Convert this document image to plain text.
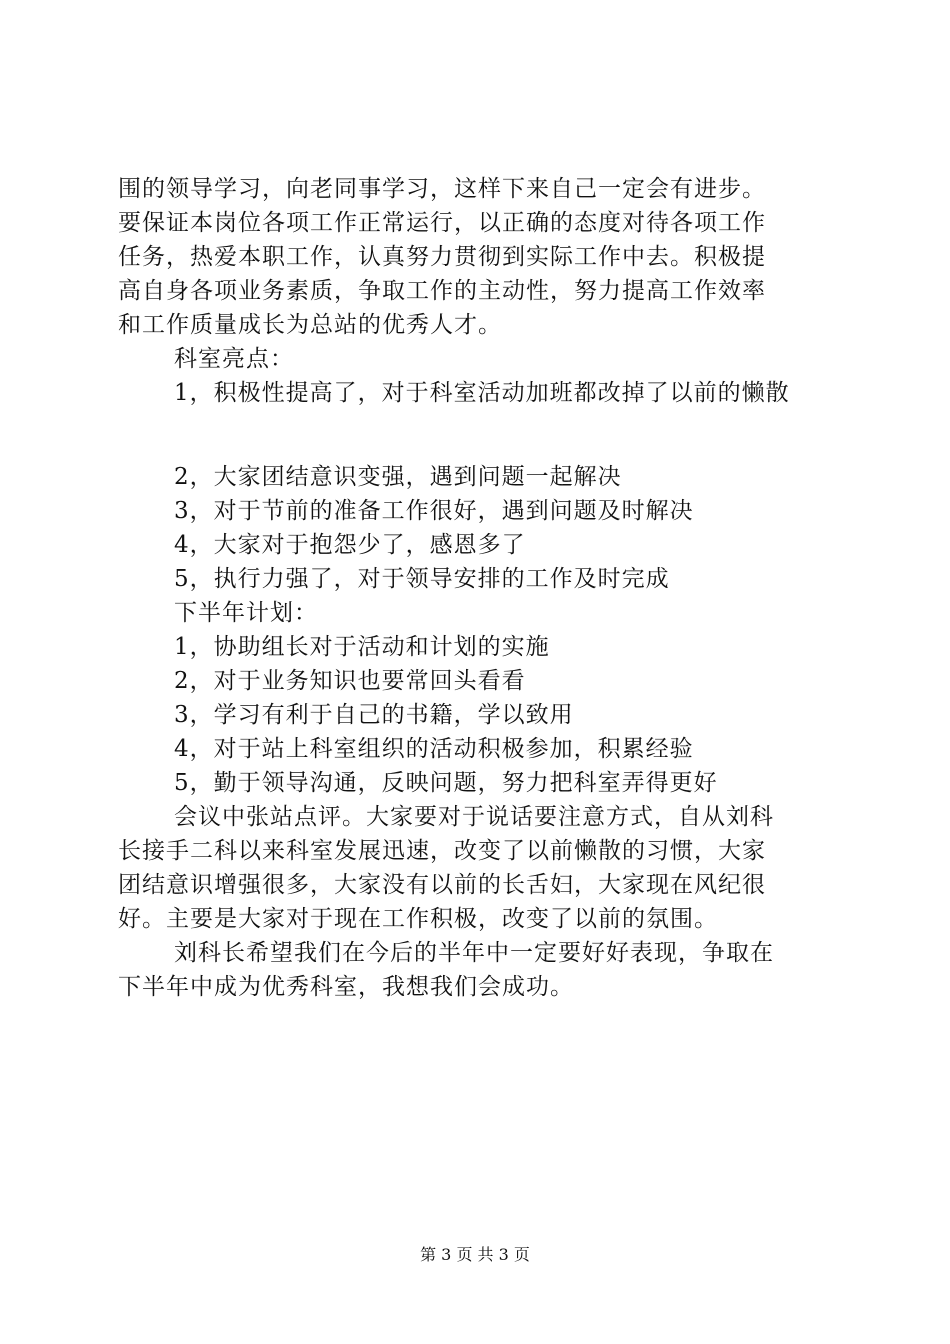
围的领导学习，向老同事学习，这样下来自己一定会有进步。
要保证本岗位各项工作正常运行，以正确的态度对待各项工作
任务，热爱本职工作，认真努力贯彻到实际工作中去。积极提
高自身各项业务素质，争取工作的主动性，努力提高工作效率
和工作质量成长为总站的优秀人才。
科室亮点：
1，积极性提高了，对于科室活动加班都改掉了以前的懒散
2，大家团结意识变强，遇到问题一起解决
3，对于节前的准备工作很好，遇到问题及时解决
4，大家对于抱怨少了，感恩多了
5，执行力强了，对于领导安排的工作及时完成
下半年计划：
1，协助组长对于活动和计划的实施
2，对于业务知识也要常回头看看
3，学习有利于自己的书籍，学以致用
4，对于站上科室组织的活动积极参加，积累经验
5，勤于领导沟通，反映问题，努力把科室弄得更好
会议中张站点评。大家要对于说话要注意方式，自从刘科
长接手二科以来科室发展迅速，改变了以前懒散的习惯，大家
团结意识增强很多，大家没有以前的长舌妇，大家现在风纪很
好。主要是大家对于现在工作积极，改变了以前的氛围。
刘科长希望我们在今后的半年中一定要好好表现，争取在
下半年中成为优秀科室，我想我们会成功。
第 3 页 共 3 页
